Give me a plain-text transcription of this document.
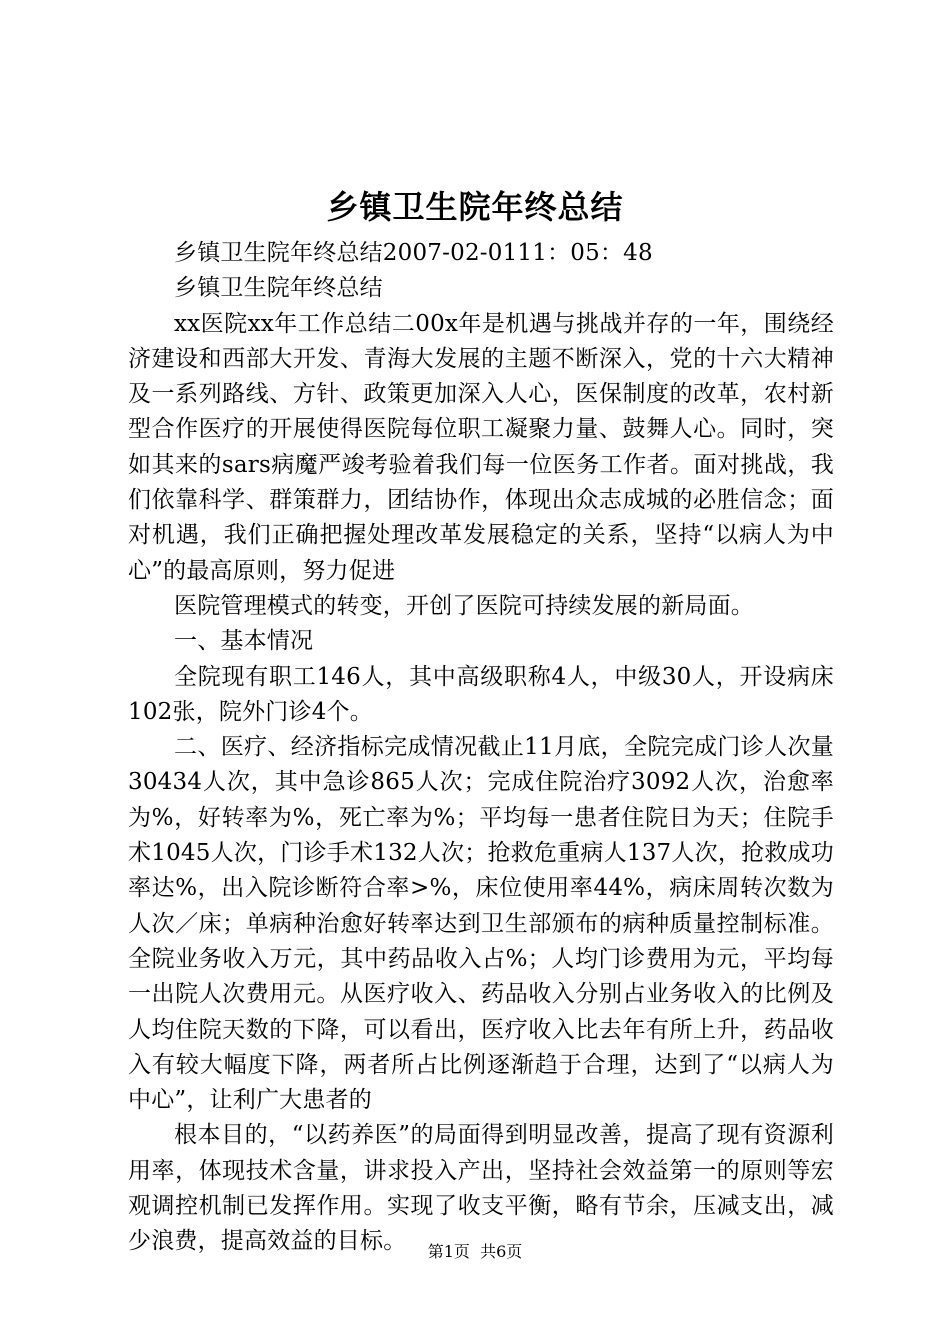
乡镇卫生院年终总结

乡镇卫生院年终总结2007-02-0111：05：48

乡镇卫生院年终总结

xx医院xx年工作总结二00x年是机遇与挑战并存的一年，围绕经济建设和西部大开发、青海大发展的主题不断深入，党的十六大精神及一系列路线、方针、政策更加深入人心，医保制度的改革，农村新型合作医疗的开展使得医院每位职工凝聚力量、鼓舞人心。同时，突如其来的sars病魔严竣考验着我们每一位医务工作者。面对挑战，我们依靠科学、群策群力，团结协作，体现出众志成城的必胜信念；面对机遇，我们正确把握处理改革发展稳定的关系，坚持“以病人为中心”的最高原则，努力促进

医院管理模式的转变，开创了医院可持续发展的新局面。

一、基本情况

全院现有职工146人，其中高级职称4人，中级30人，开设病床102张，院外门诊4个。

二、医疗、经济指标完成情况截止11月底，全院完成门诊人次量30434人次，其中急诊865人次；完成住院治疗3092人次，治愈率为%，好转率为%，死亡率为%；平均每一患者住院日为天；住院手术1045人次，门诊手术132人次；抢救危重病人137人次，抢救成功率达%，出入院诊断符合率>%，床位使用率44%，病床周转次数为人次／床；单病种治愈好转率达到卫生部颁布的病种质量控制标准。全院业务收入万元，其中药品收入占%；人均门诊费用为元，平均每一出院人次费用元。从医疗收入、药品收入分别占业务收入的比例及人均住院天数的下降，可以看出，医疗收入比去年有所上升，药品收入有较大幅度下降，两者所占比例逐渐趋于合理，达到了“以病人为中心”，让利广大患者的

根本目的，“以药养医”的局面得到明显改善，提高了现有资源利用率，体现技术含量，讲求投入产出，坚持社会效益第一的原则等宏观调控机制已发挥作用。实现了收支平衡，略有节余，压减支出，减少浪费，提高效益的目标。	第1页 共6页
